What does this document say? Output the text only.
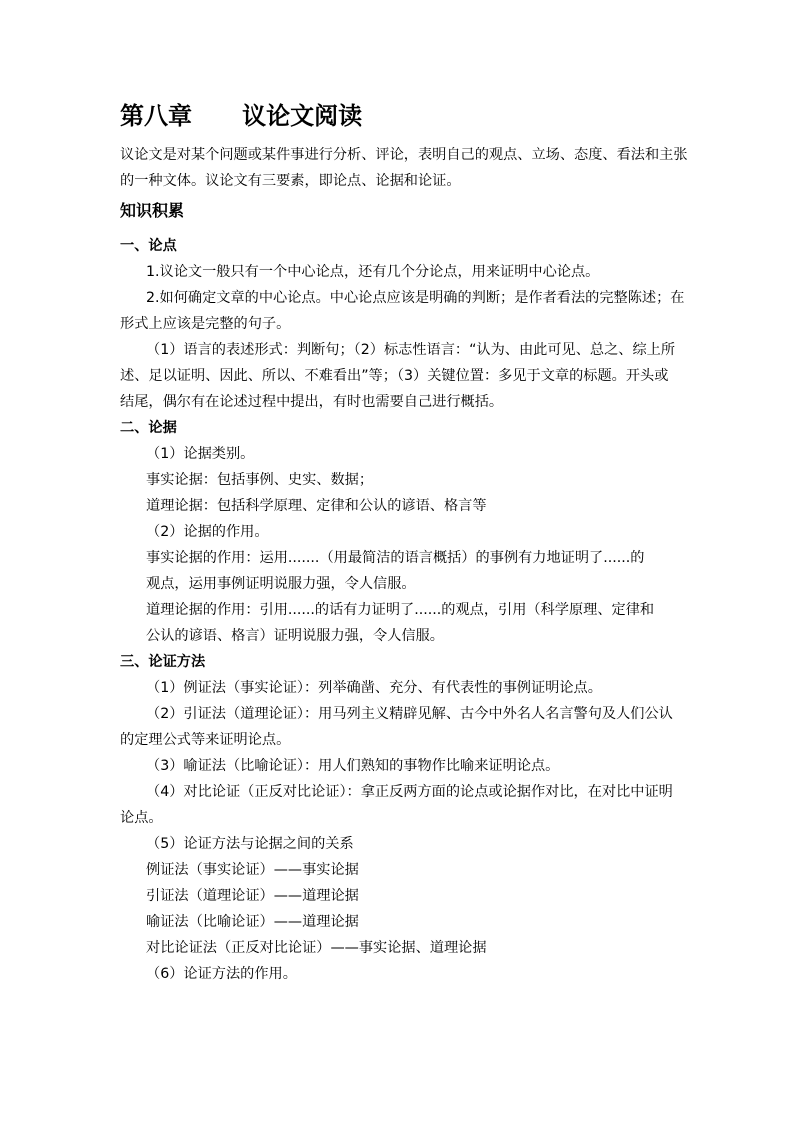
第八章      议论文阅读
议论文是对某个问题或某件事进行分析、评论，表明自己的观点、立场、态度、看法和主张
的一种文体。议论文有三要素，即论点、论据和论证。
知识积累
一、论点
1.议论文一般只有一个中心论点，还有几个分论点，用来证明中心论点。
2.如何确定文章的中心论点。中心论点应该是明确的判断；是作者看法的完整陈述；在
形式上应该是完整的句子。
（1）语言的表述形式：判断句；（2）标志性语言：“认为、由此可见、总之、综上所
述、足以证明、因此、所以、不难看出”等；（3）关键位置：多见于文章的标题。开头或
结尾，偶尔有在论述过程中提出，有时也需要自己进行概括。
二、论据
（1）论据类别。
事实论据：包括事例、史实、数据；
道理论据：包括科学原理、定律和公认的谚语、格言等
（2）论据的作用。
事实论据的作用：运用.......（用最简洁的语言概括）的事例有力地证明了......的
观点，运用事例证明说服力强，令人信服。
道理论据的作用：引用......的话有力证明了......的观点，引用（科学原理、定律和
公认的谚语、格言）证明说服力强，令人信服。
三、论证方法
（1）例证法（事实论证）：列举确凿、充分、有代表性的事例证明论点。
（2）引证法（道理论证）：用马列主义精辟见解、古今中外名人名言警句及人们公认
的定理公式等来证明论点。
（3）喻证法（比喻论证）：用人们熟知的事物作比喻来证明论点。
（4）对比论证（正反对比论证）：拿正反两方面的论点或论据作对比，在对比中证明
论点。
（5）论证方法与论据之间的关系
例证法（事实论证）——事实论据
引证法（道理论证）——道理论据
喻证法（比喻论证）——道理论据
对比论证法（正反对比论证）——事实论据、道理论据
（6）论证方法的作用。
